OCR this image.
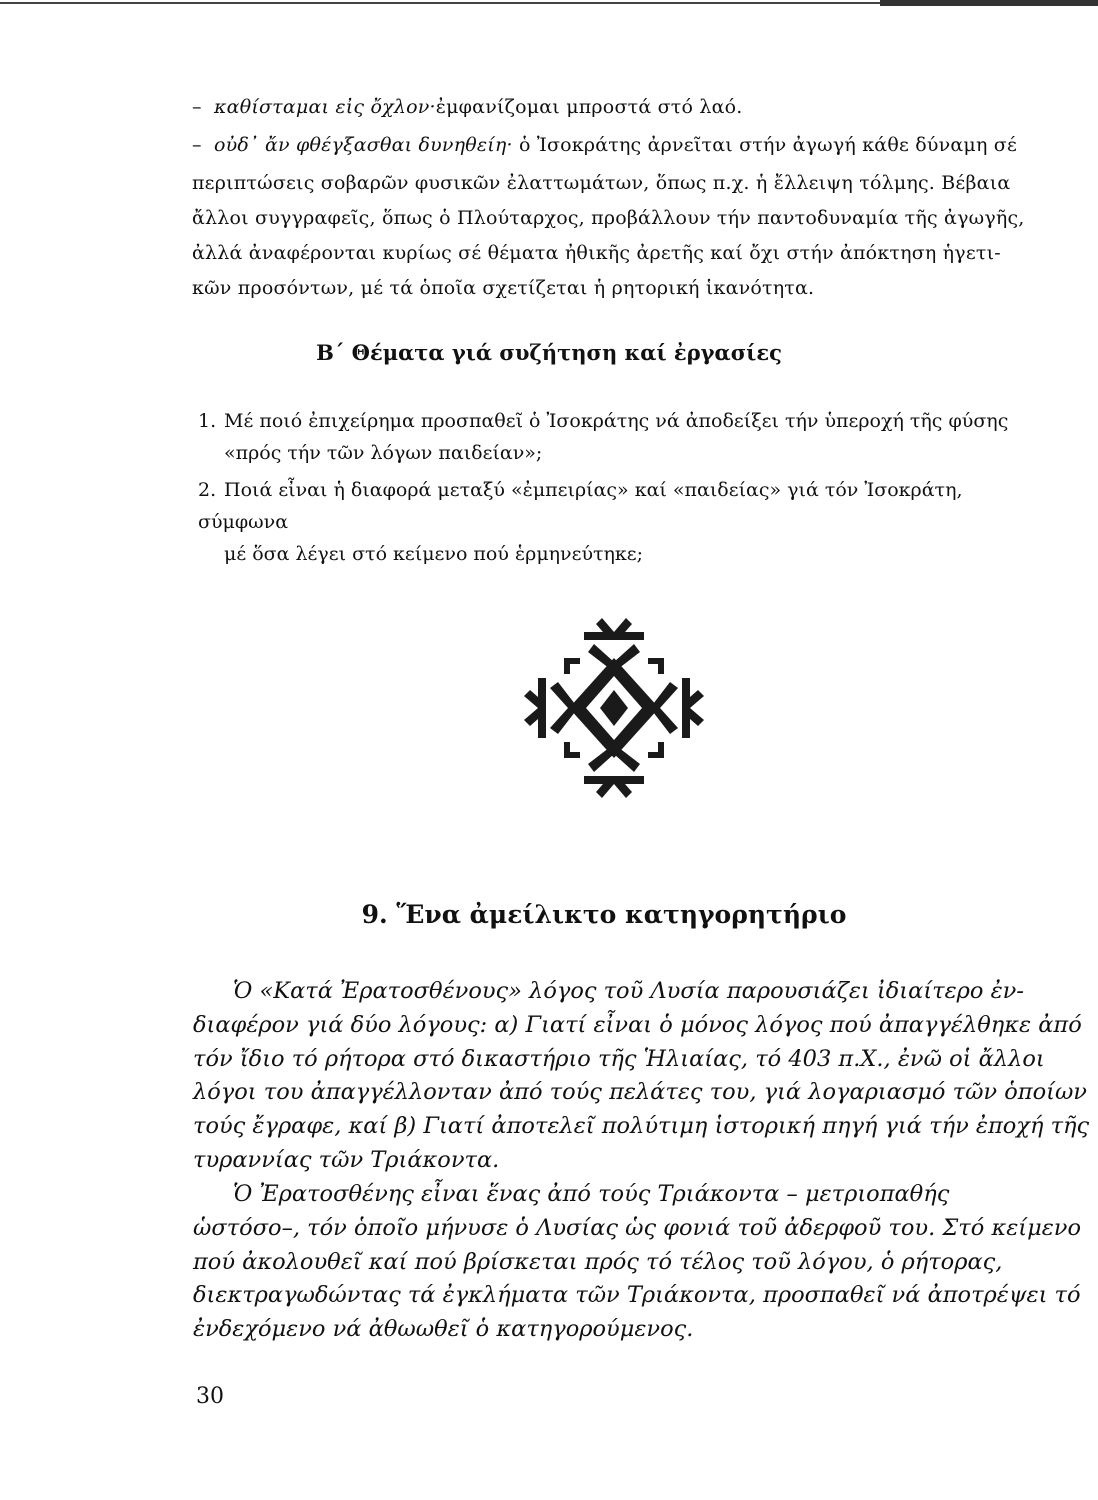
– καθίσταμαι εἰς ὄχλον·ἐμφανίζομαι μπροστά στό λαό.
– οὐδ᾽ ἄν φθέγξασθαι δυνηθείη· ὁ Ἰσοκράτης ἀρνεῖται στήν ἀγωγή κάθε δύναμη σέ
περιπτώσεις σοβαρῶν φυσικῶν ἐλαττωμάτων, ὅπως π.χ. ἡ ἔλλειψη τόλμης. Βέβαια
ἄλλοι συγγραφεῖς, ὅπως ὁ Πλούταρχος, προβάλλουν τήν παντοδυναμία τῆς ἀγωγῆς,
ἀλλά ἀναφέρονται κυρίως σέ θέματα ἠθικῆς ἀρετῆς καί ὄχι στήν ἀπόκτηση ἡγετι-
κῶν προσόντων, μέ τά ὁποῖα σχετίζεται ἡ ρητορική ἱκανότητα.
Β΄ Θέματα γιά συζήτηση καί ἐργασίες
1. Μέ ποιό ἐπιχείρημα προσπαθεῖ ὁ Ἰσοκράτης νά ἀποδείξει τήν ὑπεροχή τῆς φύσης
«πρός τήν τῶν λόγων παιδείαν»;
2. Ποιά εἶναι ἡ διαφορά μεταξύ «ἐμπειρίας» καί «παιδείας» γιά τόν Ἰσοκράτη, σύμφωνα
μέ ὅσα λέγει στό κείμενο πού ἑρμηνεύτηκε;
9. Ἕνα ἀμείλικτο κατηγορητήριο
Ὁ «Κατά Ἐρατοσθένους» λόγος τοῦ Λυσία παρουσιάζει ἰδιαίτερο ἐν-
διαφέρον γιά δύο λόγους: α) Γιατί εἶναι ὁ μόνος λόγος πού ἀπαγγέλθηκε ἀπό
τόν ἴδιο τό ρήτορα στό δικαστήριο τῆς Ἡλιαίας, τό 403 π.Χ., ἐνῶ οἱ ἄλλοι
λόγοι του ἀπαγγέλλονταν ἀπό τούς πελάτες του, γιά λογαριασμό τῶν ὁποίων
τούς ἔγραφε, καί β) Γιατί ἀποτελεῖ πολύτιμη ἱστορική πηγή γιά τήν ἐποχή τῆς
τυραννίας τῶν Τριάκοντα.
Ὁ Ἐρατοσθένης εἶναι ἕνας ἀπό τούς Τριάκοντα – μετριοπαθής
ὡστόσο–, τόν ὁποῖο μήνυσε ὁ Λυσίας ὡς φονιά τοῦ ἀδερφοῦ του. Στό κείμενο
πού ἀκολουθεῖ καί πού βρίσκεται πρός τό τέλος τοῦ λόγου, ὁ ρήτορας,
διεκτραγωδώντας τά ἐγκλήματα τῶν Τριάκοντα, προσπαθεῖ νά ἀποτρέψει τό
ἐνδεχόμενο νά ἀθωωθεῖ ὁ κατηγορούμενος.
30
